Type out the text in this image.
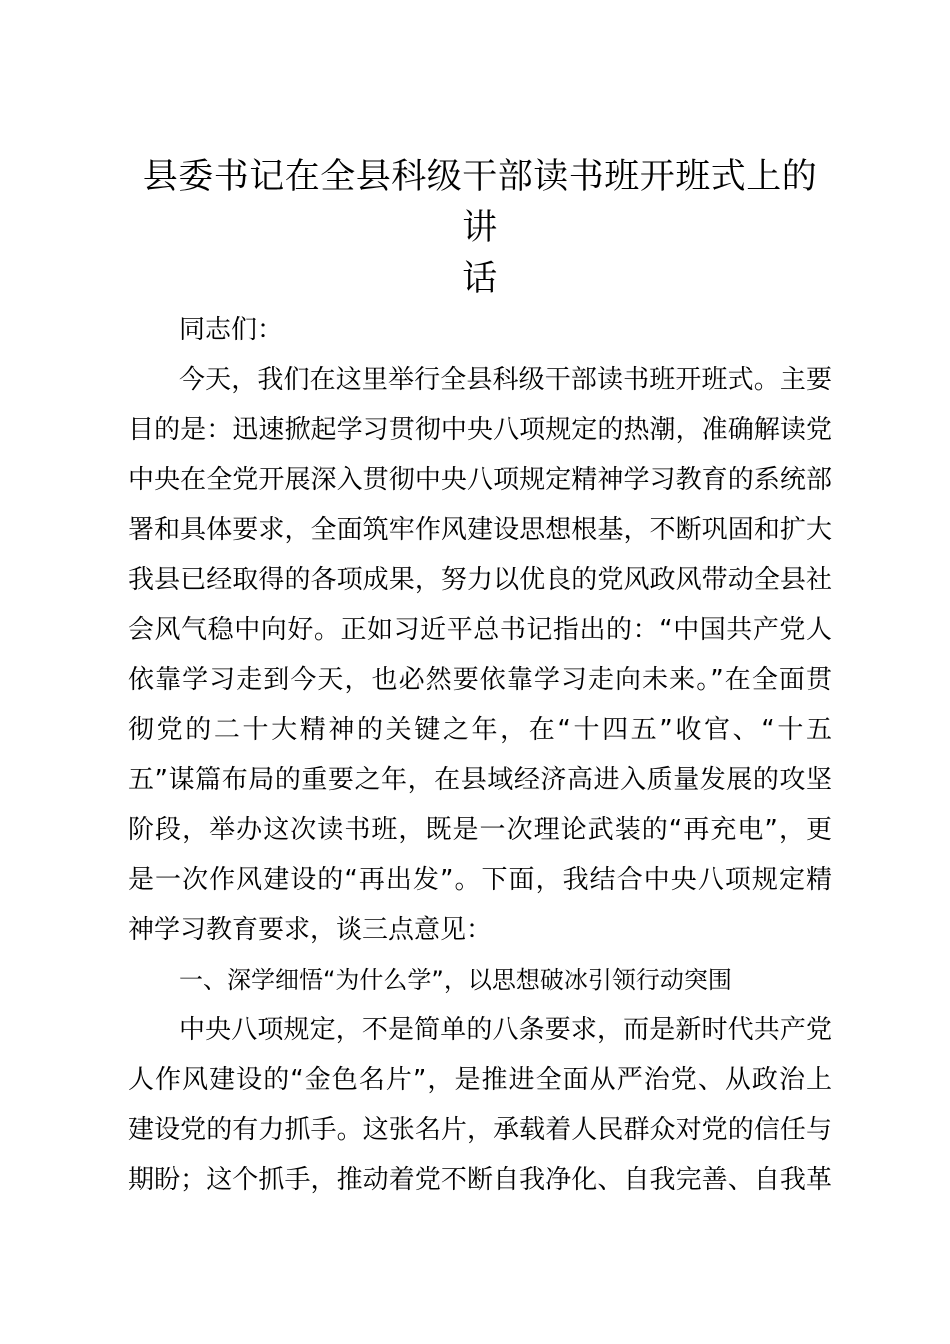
县委书记在全县科级干部读书班开班式上的讲
话
同志们：
今天，我们在这里举行全县科级干部读书班开班式。主要
目的是：迅速掀起学习贯彻中央八项规定的热潮，准确解读党
中央在全党开展深入贯彻中央八项规定精神学习教育的系统部
署和具体要求，全面筑牢作风建设思想根基，不断巩固和扩大
我县已经取得的各项成果，努力以优良的党风政风带动全县社
会风气稳中向好。正如习近平总书记指出的：“中国共产党人
依靠学习走到今天，也必然要依靠学习走向未来。”在全面贯
彻党的二十大精神的关键之年，在“十四五”收官、“十五
五”谋篇布局的重要之年，在县域经济高进入质量发展的攻坚
阶段，举办这次读书班，既是一次理论武装的“再充电”，更
是一次作风建设的“再出发”。下面，我结合中央八项规定精
神学习教育要求，谈三点意见：
一、深学细悟“为什么学”，以思想破冰引领行动突围
中央八项规定，不是简单的八条要求，而是新时代共产党
人作风建设的“金色名片”，是推进全面从严治党、从政治上
建设党的有力抓手。这张名片，承载着人民群众对党的信任与
期盼；这个抓手，推动着党不断自我净化、自我完善、自我革
